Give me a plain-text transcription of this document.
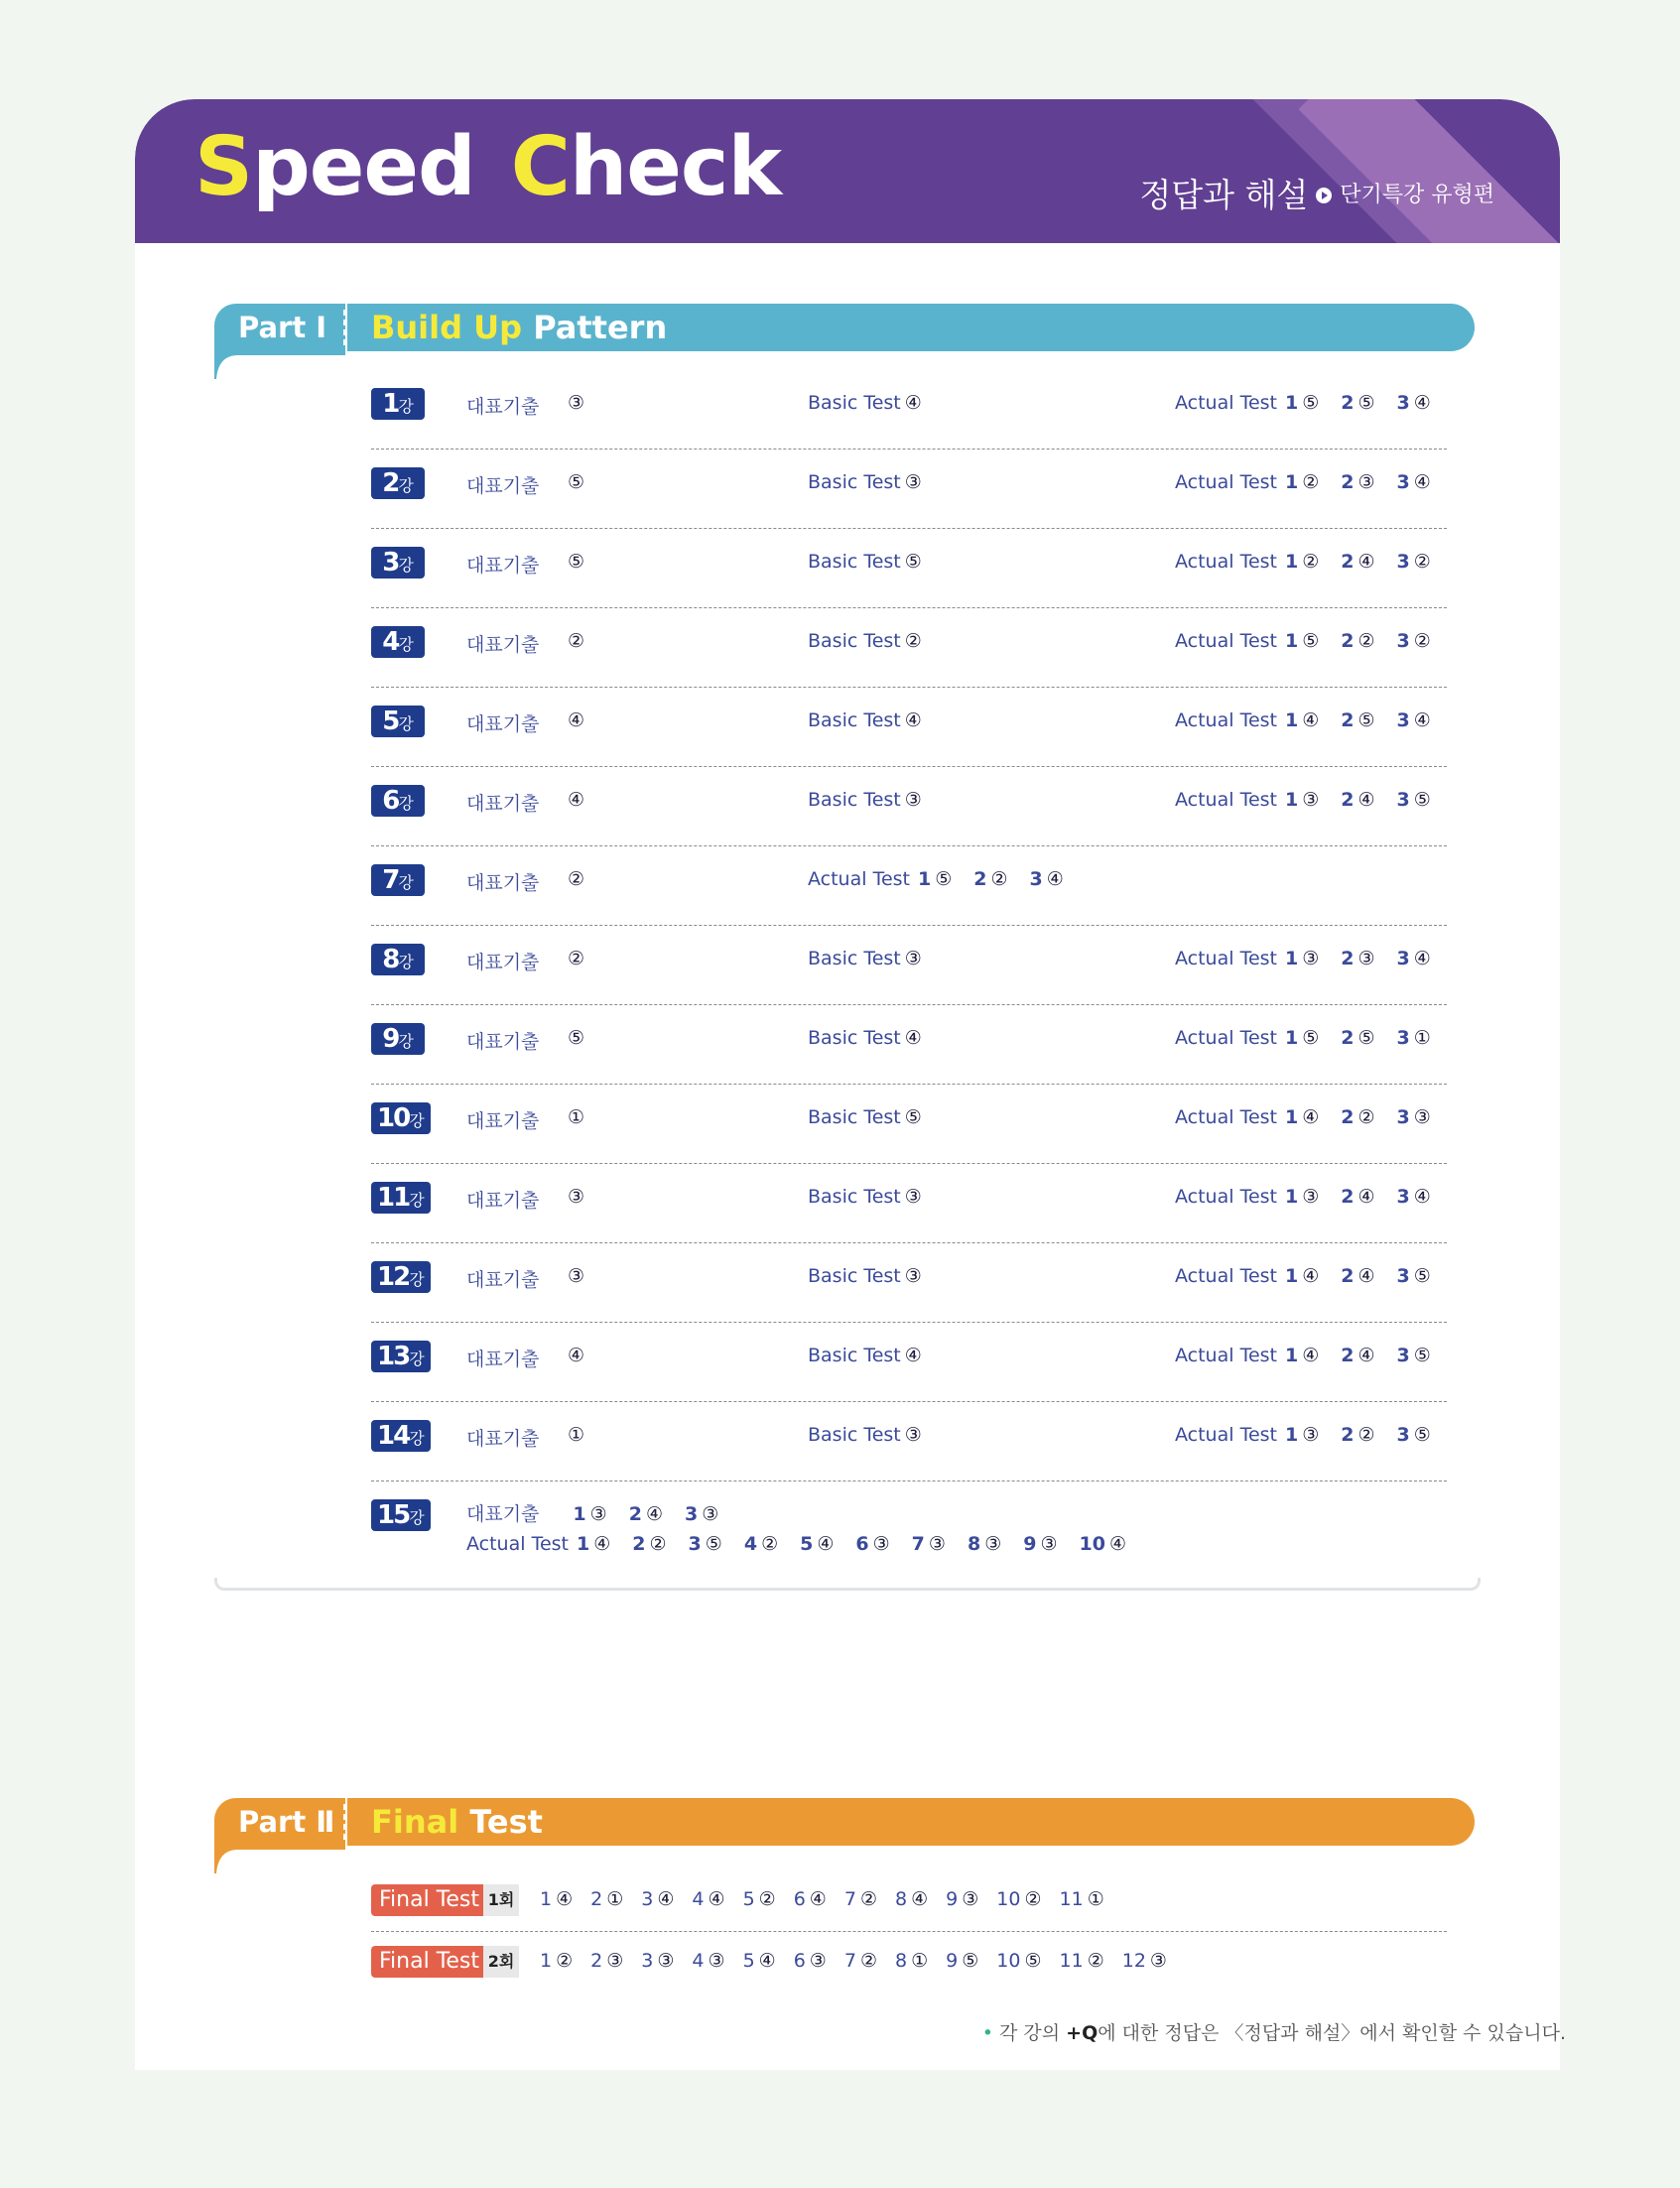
Speed Check	정답과 해설 단기특강 유형편
Part Ⅰ	Build Up Pattern
1강	대표기출 ③	Basic Test ④	Actual Test 1 ⑤ 2 ⑤ 3 ④
2강	대표기출 ⑤	Basic Test ③	Actual Test 1 ② 2 ③ 3 ④
3강	대표기출 ⑤	Basic Test ⑤	Actual Test 1 ② 2 ④ 3 ②
4강	대표기출 ②	Basic Test ②	Actual Test 1 ⑤ 2 ② 3 ②
5강	대표기출 ④	Basic Test ④	Actual Test 1 ④ 2 ⑤ 3 ④
6강	대표기출 ④	Basic Test ③	Actual Test 1 ③ 2 ④ 3 ⑤
7강	대표기출 ②	Actual Test 1 ⑤ 2 ② 3 ④
8강	대표기출 ②	Basic Test ③	Actual Test 1 ③ 2 ③ 3 ④
9강	대표기출 ⑤	Basic Test ④	Actual Test 1 ⑤ 2 ⑤ 3 ①
10강	대표기출 ①	Basic Test ⑤	Actual Test 1 ④ 2 ② 3 ③
11강	대표기출 ③	Basic Test ③	Actual Test 1 ③ 2 ④ 3 ④
12강	대표기출 ③	Basic Test ③	Actual Test 1 ④ 2 ④ 3 ⑤
13강	대표기출 ④	Basic Test ④	Actual Test 1 ④ 2 ④ 3 ⑤
14강	대표기출 ①	Basic Test ③	Actual Test 1 ③ 2 ② 3 ⑤
15강	대표기출 1 ③ 2 ④ 3 ③
Actual Test 1 ④ 2 ② 3 ⑤ 4 ② 5 ④ 6 ③ 7 ③ 8 ③ 9 ③ 10 ④
Part Ⅱ	Final Test
Final Test 1회 1 ④ 2 ① 3 ④ 4 ④ 5 ② 6 ④ 7 ② 8 ④ 9 ③ 10 ② 11 ①
Final Test 2회 1 ② 2 ③ 3 ③ 4 ③ 5 ④ 6 ③ 7 ② 8 ① 9 ⑤ 10 ⑤ 11 ② 12 ③
• 각 강의 +Q에 대한 정답은 〈정답과 해설〉에서 확인할 수 있습니다.
